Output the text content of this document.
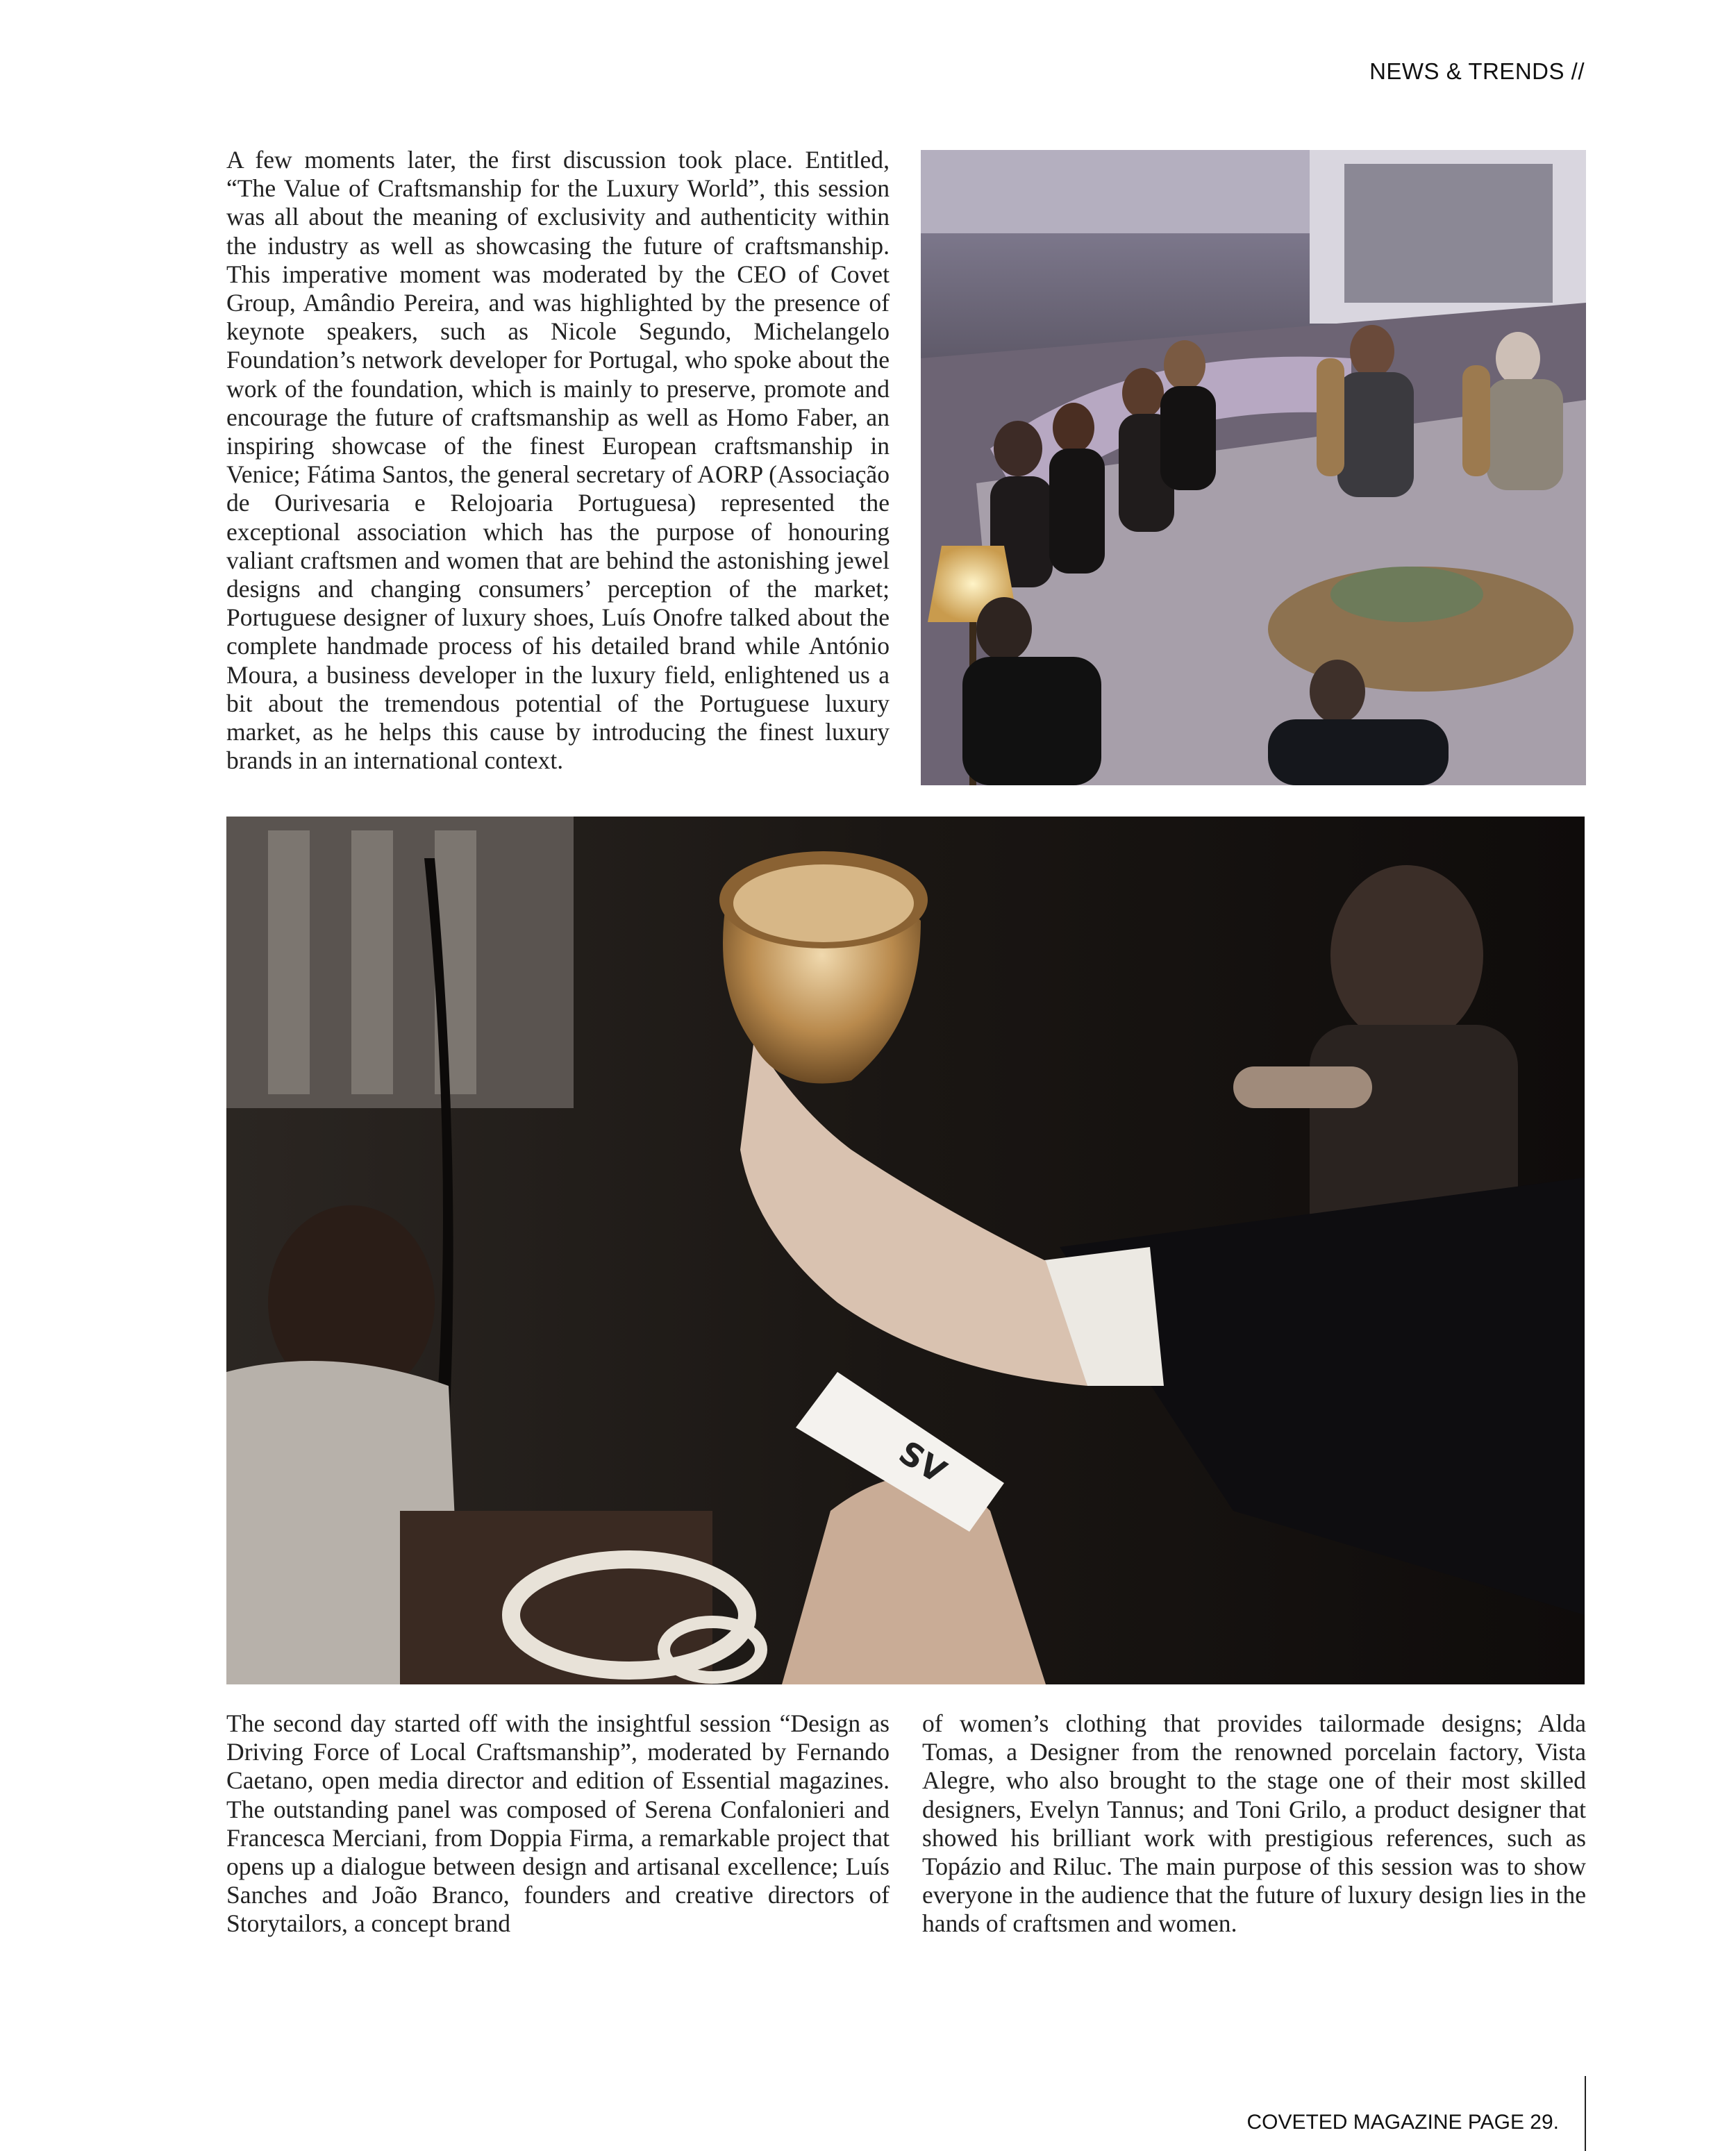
NEWS & TRENDS //

A few moments later, the first discussion took place. Entitled, “The Value of Craftsmanship for the Luxury World”, this session was all about the meaning of exclusivity and authenticity within the industry as well as showcasing the future of craftsmanship. This imperative moment was moderated by the CEO of Covet Group, Amândio Pereira, and was highlighted by the presence of keynote speakers, such as Nicole Segundo, Michelangelo Foundation’s network developer for Portugal, who spoke about the work of the foundation, which is mainly to preserve, promote and encourage the future of craftsmanship as well as Homo Faber, an inspiring showcase of the finest European craftsmanship in Venice; Fátima Santos, the general secretary of AORP (Associação de Ourivesaria e Relojoaria Portuguesa) represented the exceptional association which has the purpose of honouring valiant craftsmen and women that are behind the astonishing jewel designs and changing consumers’ perception of the market; Portuguese designer of luxury shoes, Luís Onofre talked about the complete handmade process of his detailed brand while António Moura, a business developer in the luxury field, enlightened us a bit about the tremendous potential of the Portuguese luxury market, as he helps this cause by introducing the finest luxury brands in an international context.

SV

The second day started off with the insightful session “Design as Driving Force of Local Craftsmanship”, moderated by Fernando Caetano, open media director and edition of Essential magazines. The outstanding panel was composed of Serena Confalonieri and Francesca Merciani, from Doppia Firma, a remarkable project that opens up a dialogue between design and artisanal excellence; Luís Sanches and João Branco, founders and creative directors of Storytailors, a concept brand

of women’s clothing that provides tailormade designs; Alda Tomas, a Designer from the renowned porcelain factory, Vista Alegre, who also brought to the stage one of their most skilled designers, Evelyn Tannus; and Toni Grilo, a product designer that showed his brilliant work with prestigious references, such as Topázio and Riluc. The main purpose of this session was to show everyone in the audience that the future of luxury design lies in the hands of craftsmen and women.

COVETED MAGAZINE PAGE 29.
